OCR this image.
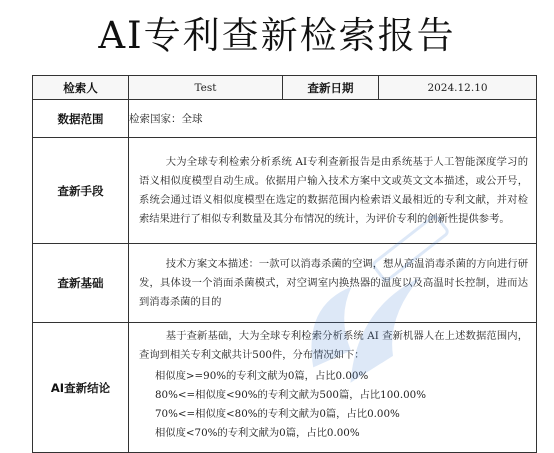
AI专利查新检索报告
检索人	Test	查新日期	2024.12.10
数据范围	检索国家：全球		
查新手段	大为全球专利检索分析系统 AI专利查新报告是由系统基于人工智能深度学习的语义相似度模型自动生成。依据用户输入技术方案中文或英文文本描述，或公开号，系统会通过语义相似度模型在选定的数据范围内检索语义最相近的专利文献，并对检索结果进行了相似专利数量及其分布情况的统计，为评价专利的创新性提供参考。		

查新基础	技术方案文本描述：一款可以消毒杀菌的空调，想从高温消毒杀菌的方向进行研发，具体设一个消面杀菌模式，对空调室内换热器的温度以及高温时长控制，进而达到消毒杀菌的目的		

AI查新结论	基于查新基础，大为全球专利检索分析系统 AI 查新机器人在上述数据范围内，查询到相关专利文献共计500件，分布情况如下：
相似度>=90%的专利文献为0篇，占比0.00%
80%<=相似度<90%的专利文献为500篇，占比100.00%
70%<=相似度<80%的专利文献为0篇，占比0.00%
相似度<70%的专利文献为0篇，占比0.00%		
